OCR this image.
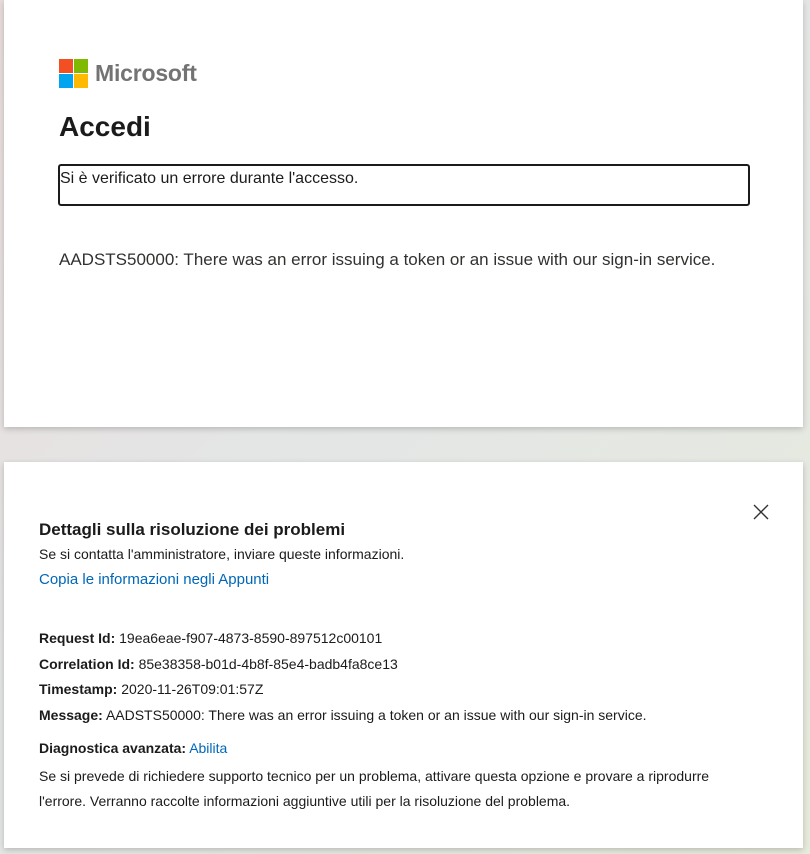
Microsoft
Accedi
Si è verificato un errore durante l'accesso.
AADSTS50000: There was an error issuing a token or an issue with our sign-in service.
Dettagli sulla risoluzione dei problemi
Se si contatta l'amministratore, inviare queste informazioni.
Copia le informazioni negli Appunti
Request Id: 19ea6eae-f907-4873-8590-897512c00101
Correlation Id: 85e38358-b01d-4b8f-85e4-badb4fa8ce13
Timestamp: 2020-11-26T09:01:57Z
Message: AADSTS50000: There was an error issuing a token or an issue with our sign-in service.
Diagnostica avanzata: Abilita
Se si prevede di richiedere supporto tecnico per un problema, attivare questa opzione e provare a riprodurre l'errore. Verranno raccolte informazioni aggiuntive utili per la risoluzione del problema.
